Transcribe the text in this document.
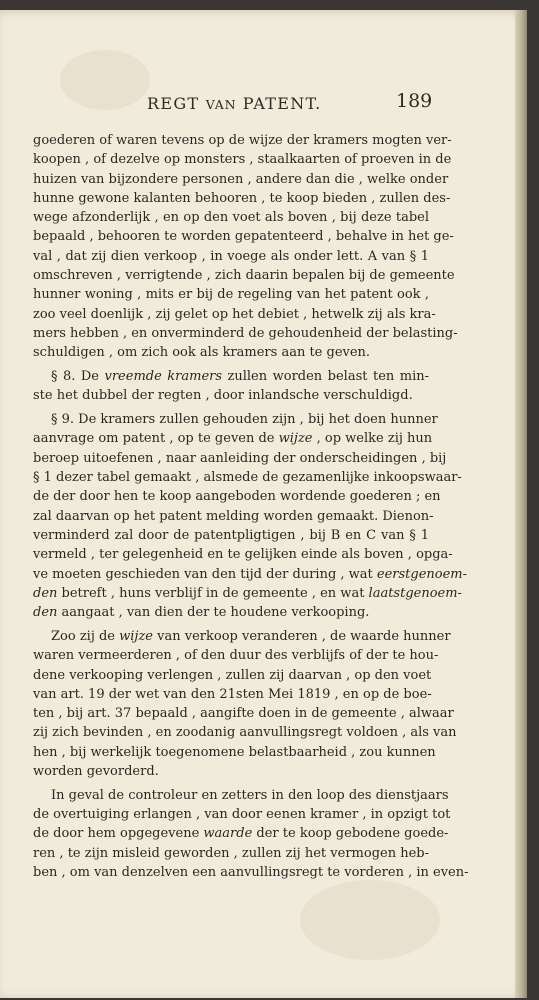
REGT VAN PATENT.	189
goederen of waren tevens op de wijze der kramers mogten ver-
koopen , of dezelve op monsters , staalkaarten of proeven in de
huizen van bijzondere personen , andere dan die , welke onder
hunne gewone kalanten behooren , te koop bieden , zullen des-
wege afzonderlijk , en op den voet als boven , bij deze tabel
bepaald , behooren te worden gepatenteerd , behalve in het ge-
val , dat zij dien verkoop , in voege als onder lett. A van § 1
omschreven , verrigtende , zich daarin bepalen bij de gemeente
hunner woning , mits er bij de regeling van het patent ook ,
zoo veel doenlijk , zij gelet op het debiet , hetwelk zij als kra-
mers hebben , en onverminderd de gehoudenheid der belasting-
schuldigen , om zich ook als kramers aan te geven.
§ 8. De vreemde kramers zullen worden belast ten min-
ste het dubbel der regten , door inlandsche verschuldigd.
§ 9. De kramers zullen gehouden zijn , bij het doen hunner
aanvrage om patent , op te geven de wijze , op welke zij hun
beroep uitoefenen , naar aanleiding der onderscheidingen , bij
§ 1 dezer tabel gemaakt , alsmede de gezamenlijke inkoopswaar-
de der door hen te koop aangeboden wordende goederen ; en
zal daarvan op het patent melding worden gemaakt. Dienon-
verminderd zal door de patentpligtigen , bij B en C van § 1
vermeld , ter gelegenheid en te gelijken einde als boven , opga-
ve moeten geschieden van den tijd der during , wat eerstgenoem-
den betreft , huns verblijf in de gemeente , en wat laatstgenoem-
den aangaat , van dien der te houdene verkooping.
Zoo zij de wijze van verkoop veranderen , de waarde hunner
waren vermeerderen , of den duur des verblijfs of der te hou-
dene verkooping verlengen , zullen zij daarvan , op den voet
van art. 19 der wet van den 21sten Mei 1819 , en op de boe-
ten , bij art. 37 bepaald , aangifte doen in de gemeente , alwaar
zij zich bevinden , en zoodanig aanvullingsregt voldoen , als van
hen , bij werkelijk toegenomene belastbaarheid , zou kunnen
worden gevorderd.
In geval de controleur en zetters in den loop des dienstjaars
de overtuiging erlangen , van door eenen kramer , in opzigt tot
de door hem opgegevene waarde der te koop gebodene goede-
ren , te zijn misleid geworden , zullen zij het vermogen heb-
ben , om van denzelven een aanvullingsregt te vorderen , in even-
